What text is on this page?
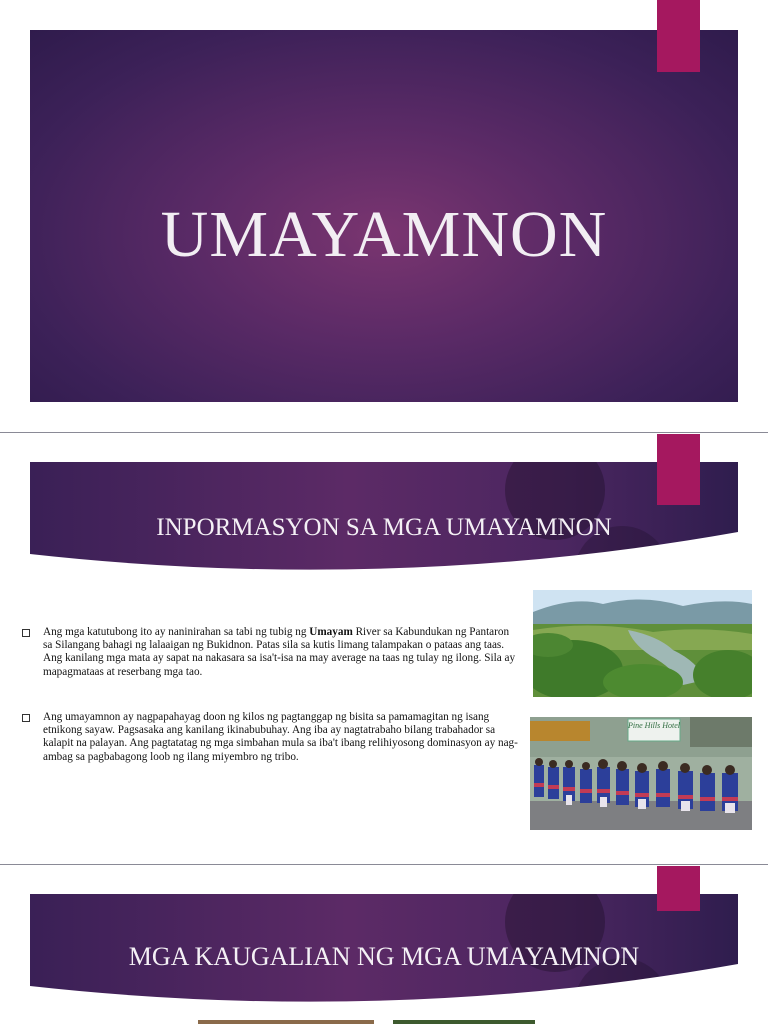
UMAYAMNON
INPORMASYON SA MGA UMAYAMNON
Ang mga katutubong ito ay naninirahan sa tabi ng tubig ng Umayam River sa Kabundukan ng Pantaron sa Silangang bahagi ng lalaaigan ng Bukidnon. Patas sila sa kutis limang talampakan o pataas ang taas. Ang kanilang mga mata ay sapat na nakasara sa isa't-isa na may average na taas ng tulay ng ilong. Sila ay mapagmataas at reserbang mga tao.
Ang umayamnon ay nagpapahayag doon ng kilos ng pagtanggap ng bisita sa pamamagitan ng isang etnikong sayaw. Pagsasaka ang kanilang ikinabubuhay. Ang iba ay nagtatrabaho bilang trabahador sa kalapit na palayan. Ang pagtatatag ng mga simbahan mula sa iba't ibang relihiyosong dominasyon ay nag-ambag sa pagbabagong loob ng ilang miyembro ng tribo.
Pine Hills Hotel
MGA KAUGALIAN NG MGA UMAYAMNON
